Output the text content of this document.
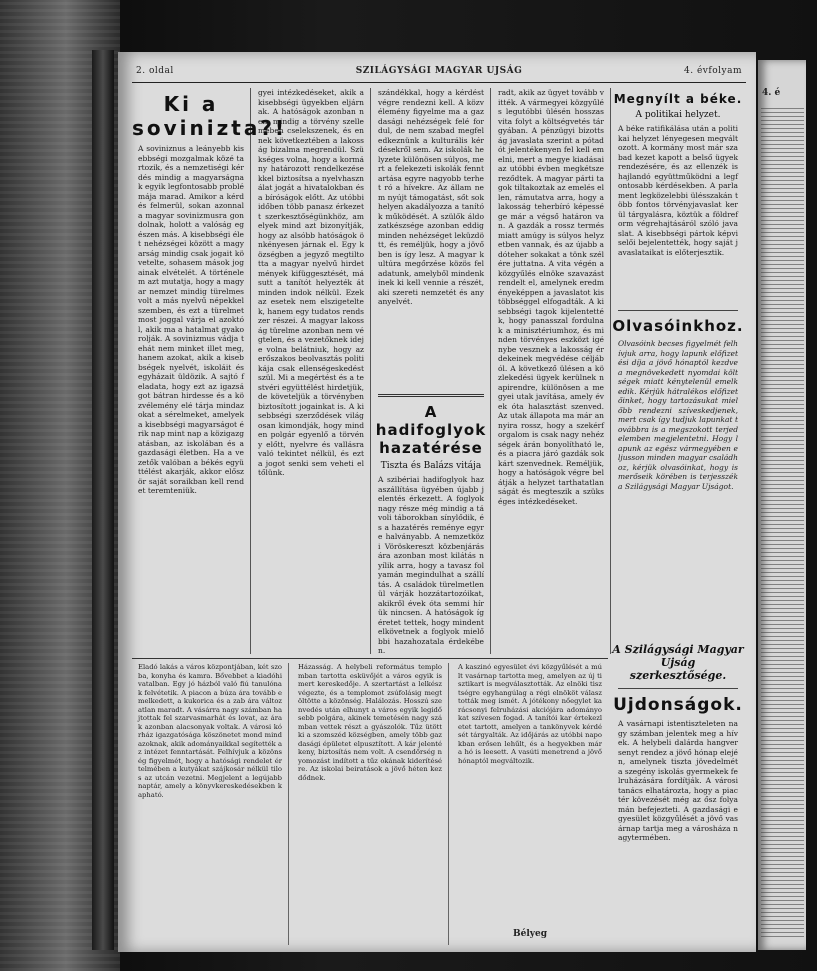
4. é
2. oldal	SZILÁGYSÁGI MAGYAR UJSÁG	4. évfolyam
Ki a sovinizta?!

A soviniznus a leányebb kisebbségi mozgalmak közé tartozik, és a nemzetiségi kérdés mindig a magyarságnak egyik legfontosabb problémája marad. Amikor a kérdés felmerül, sokan azonnal a magyar sovinizmusra gondolnak, holott a valóság egészen más. A kisebbségi élet nehézségei között a magyarság mindig csak jogait követelte, sohasem mások jogainak elvételét. A történelem azt mutatja, hogy a magyar nemzet mindig türelmes volt a más nyelvű népekkel szemben, és ezt a türelmet most joggal várja el azoktól, akik ma a hatalmat gyakorolják. A sovinizmus vádja tehát nem minket illet meg, hanem azokat, akik a kisebbségek nyelvét, iskoláit és egyházait üldözik. A sajtó feladata, hogy ezt az igazságot bátran hirdesse és a közvélemény elé tárja mindazokat a sérelmeket, amelyek a kisebbségi magyarságot érik nap mint nap a közigazgatásban, az iskolában és a gazdasági életben. Ha a vezetők valóban a békés együttélést akarják, akkor először saját soraikban kell rendet teremteniük.

gyei intézkedéseket, akik a kisebbségi ügyekben eljárnak. A hatóságok azonban nem mindig a törvény szellemében cselekszenek, és ennek következtében a lakosság bizalma megrendül. Szükséges volna, hogy a kormány határozott rendelkezésekkel biztosítsa a nyelvhasználat jogát a hivatalokban és a bíróságok előtt. Az utóbbi időben több panasz érkezett szerkesztőségünkhöz, amelyek mind azt bizonyítják, hogy az alsóbb hatóságok önkényesen járnak el. Egy községben a jegyző megtiltotta a magyar nyelvű hirdetmények kifüggesztését, másutt a tanítót helyezték át minden indok nélkül. Ezek az esetek nem elszigeteltek, hanem egy tudatos rendszer részei. A magyar lakosság türelme azonban nem végtelen, és a vezetőknek ideje volna belátniuk, hogy az erőszakos beolvasztás politikája csak ellenségeskedést szül. Mi a megértést és a testvéri együttélést hirdetjük, de követeljük a törvényben biztosított jogainkat is. A kisebbségi szerződések világosan kimondják, hogy minden polgár egyenlő a törvény előtt, nyelvre és vallásra való tekintet nélkül, és ezt a jogot senki sem veheti el tőlünk.

szándékkal, hogy a kérdést végre rendezni kell. A közvélemény figyelme ma a gazdasági nehézségek felé fordul, de nem szabad megfeledkeznünk a kulturális kérdésekről sem. Az iskolák helyzete különösen súlyos, mert a felekezeti iskolák fenntartása egyre nagyobb terhet ró a hívekre. Az állam nem nyújt támogatást, sőt sok helyen akadályozza a tanítók működését. A szülők áldozatkészsége azonban eddig minden nehézséget leküzdött, és reméljük, hogy a jövőben is így lesz. A magyar kultúra megőrzése közös feladatunk, amelyből mindenkinek ki kell vennie a részét, aki szereti nemzetét és anyanyelvét.

A hadifoglyok hazatérése
Tiszta és Balázs vitája

A szibériai hadifoglyok hazaszállítása ügyében újabb jelentés érkezett. A foglyok nagy része még mindig a távoli táborokban sínylődik, és a hazatérés reménye egyre halványabb. A nemzetközi Vöröskereszt közbenjárására azonban most kilátás nyílik arra, hogy a tavasz folyamán megindulhat a szállítás. A családok türelmetlenül várják hozzátartozóikat, akikről évek óta semmi hírük nincsen. A hatóságok ígéretet tettek, hogy mindent elkövetnek a foglyok mielőbbi hazahozatala érdekében.

radt, akik az ügyet tovább vitték. A vármegyei közgyűlés legutóbbi ülésén hosszas vita folyt a költségvetés tárgyában. A pénzügyi bizottság javaslata szerint a pótadót jelentékenyen fel kell emelni, mert a megye kiadásai az utóbbi évben megkétszereződtek. A magyar párti tagok tiltakoztak az emelés ellen, rámutatva arra, hogy a lakosság teherbíró képessége már a végső határon van. A gazdák a rossz termés miatt amúgy is súlyos helyzetben vannak, és az újabb adóteher sokakat a tönk szélére juttatna. A vita végén a közgyűlés elnöke szavazást rendelt el, amelynek eredményeképpen a javaslatot kis többséggel elfogadták. A kisebbségi tagok kijelentették, hogy panasszal fordulnak a minisztériumhoz, és minden törvényes eszközt igénybe vesznek a lakosság érdekeinek megvédése céljából. A következő ülésen a közlekedési ügyek kerülnek napirendre, különösen a megyei utak javítása, amely évek óta halasztást szenved. Az utak állapota ma már annyira rossz, hogy a szekérforgalom is csak nagy nehézségek árán bonyolítható le, és a piacra járó gazdák sok kárt szenvednek. Reméljük, hogy a hatóságok végre belátják a helyzet tarthatatlanságát és megteszik a szükséges intézkedéseket.

Megnyílt a béke.
A politikai helyzet.

A béke ratifikálása után a politikai helyzet lényegesen megváltozott. A kormány most már szabad kezet kapott a belső ügyek rendezésére, és az ellenzék is hajlandó együttműködni a legfontosabb kérdésekben. A parlament legközelebbi ülésszakán több fontos törvényjavaslat kerül tárgyalásra, köztük a földreform végrehajtásáról szóló javaslat. A kisebbségi pártok képviselői bejelentették, hogy saját javaslataikat is előterjesztik.

Olvasóinkhoz.

Olvasóink becses figyelmét felhívjuk arra, hogy lapunk előfizetési díja a jövő hónaptól kezdve a megnövekedett nyomdai költségek miatt kénytelenül emelkedik. Kérjük hátralékos előfizetőinket, hogy tartozásukat mielőbb rendezni szíveskedjenek, mert csak így tudjuk lapunkat továbbra is a megszokott terjedelemben megjelentetni. Hogy lapunk az egész vármegyében eljusson minden magyar családhoz, kérjük olvasóinkat, hogy ismerőseik körében is terjesszék a Szilágysági Magyar Ujságot.

A Szilágysági Magyar Ujság szerkesztősége.
Ujdonságok.

A vasárnapi istentiszteleten nagy számban jelentek meg a hívek. A helybeli dalárda hangversenyt rendez a jövő hónap elején, amelynek tiszta jövedelmét a szegény iskolás gyermekek felruházására fordítják. A városi tanács elhatározta, hogy a piactér kövezését még az ősz folyamán befejezteti. A gazdasági egyesület közgyűlését a jövő vasárnap tartja meg a városháza nagytermében.

Eladó lakás a város központjában, két szoba, konyha és kamra. Bővebbet a kiadóhivatalban. Egy jó házból való fiú tanulónak felvétetik. A piacon a búza ára tovább emelkedett, a kukorica és a zab ára változatlan maradt. A vásárra nagy számban hajtottak fel szarvasmarhát és lovat, az árak azonban alacsonyak voltak. A városi kórház igazgatósága köszönetet mond mindazoknak, akik adományaikkal segítették az intézet fenntartását. Felhívjuk a közönség figyelmét, hogy a hatósági rendelet értelmében a kutyákat szájkosár nélkül tilos az utcán vezetni. Megjelent a legújabb naptár, amely a könyvkereskedésekben kapható.

Házasság. A helybeli református templomban tartotta esküvőjét a város egyik ismert kereskedője. A szertartást a lelkész végezte, és a templomot zsúfolásig megtöltötte a közönség. Halálozás. Hosszú szenvedés után elhunyt a város egyik legidősebb polgára, akinek temetésén nagy számban vettek részt a gyászolók. Tűz ütött ki a szomszéd községben, amely több gazdasági épületet elpusztított. A kár jelentékeny, biztosítás nem volt. A csendőrség nyomozást indított a tűz okának kiderítésére. Az iskolai beiratások a jövő héten kezdődnek.

A kaszinó egyesület évi közgyűlését a múlt vasárnap tartotta meg, amelyen az új tisztikart is megválasztották. Az elnöki tisztségre egyhangúlag a régi elnököt választották meg ismét. A jótékony nőegylet karácsonyi felruházási akciójára adományokat szívesen fogad. A tanítói kar értekezletet tartott, amelyen a tankönyvek kérdését tárgyalták. Az időjárás az utóbbi napokban erősen lehűlt, és a hegyekben már a hó is leesett. A vasúti menetrend a jövő hónaptól megváltozik.

Bélyeg
